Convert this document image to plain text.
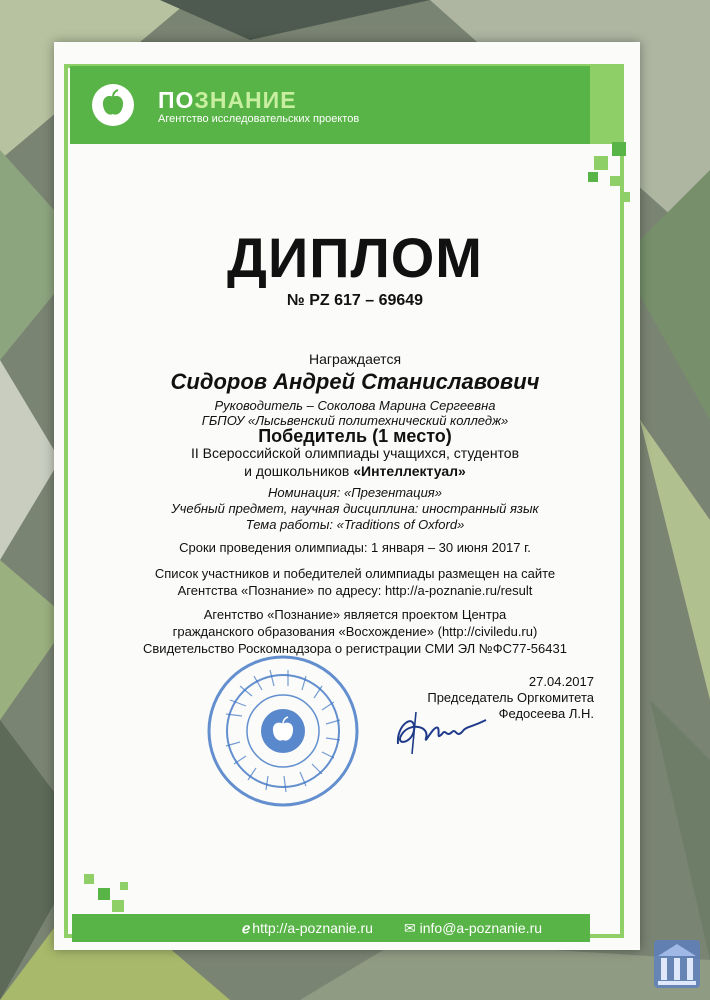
ПОЗНАНИЕ
Агентство исследовательских проектов
ДИПЛОМ
№ PZ 617 – 69649
Награждается
Сидоров Андрей Станиславович
Руководитель – Соколова Марина Сергеевна
ГБПОУ «Лысьвенский политехнический колледж»
Победитель (1 место)
II Всероссийской олимпиады учащихся, студентов
и дошкольников «Интеллектуал»
Номинация: «Презентация»
Учебный предмет, научная дисциплина: иностранный язык
Тема работы: «Traditions of Oxford»
Сроки проведения олимпиады: 1 января – 30 июня 2017 г.
Список участников и победителей олимпиады размещен на сайте
Агентства «Познание» по адресу: http://a-poznanie.ru/result
Агентство «Познание» является проектом Центра
гражданского образования «Восхождение» (http://civiledu.ru)
Свидетельство Роскомнадзора о регистрации СМИ ЭЛ №ФС77-56431
27.04.2017
Председатель Оргкомитета
Федосеева Л.Н.
ℯ http://a-poznanie.ru ✉ info@a-poznanie.ru
